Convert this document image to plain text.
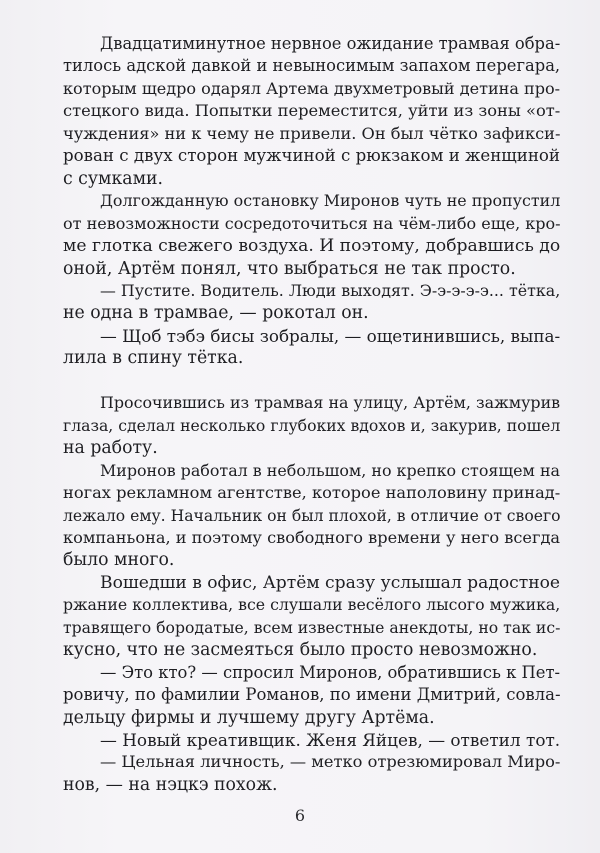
Двадцатиминутное нервное ожидание трамвая обра-
тилось адской давкой и невыносимым запахом перегара,
которым щедро одарял Артема двухметровый детина про-
стецкого вида. Попытки переместится, уйти из зоны «от-
чуждения» ни к чему не привели. Он был чётко зафикси-
рован с двух сторон мужчиной с рюкзаком и женщиной
с сумками.
Долгожданную остановку Миронов чуть не пропустил
от невозможности сосредоточиться на чём-либо еще, кро-
ме глотка свежего воздуха. И поэтому, добравшись до
оной, Артём понял, что выбраться не так просто.
— Пустите. Водитель. Люди выходят. Э-э-э-э-э... тётка,
не одна в трамвае, — рокотал он.
— Щоб тэбэ бисы зобралы, — ощетинившись, выпа-
лила в спину тётка.
Просочившись из трамвая на улицу, Артём, зажмурив
глаза, сделал несколько глубоких вдохов и, закурив, пошел
на работу.
Миронов работал в небольшом, но крепко стоящем на
ногах рекламном агентстве, которое наполовину принад-
лежало ему. Начальник он был плохой, в отличие от своего
компаньона, и поэтому свободного времени у него всегда
было много.
Вошедши в офис, Артём сразу услышал радостное
ржание коллектива, все слушали весёлого лысого мужика,
травящего бородатые, всем известные анекдоты, но так ис-
кусно, что не засмеяться было просто невозможно.
— Это кто? — спросил Миронов, обратившись к Пет-
ровичу, по фамилии Романов, по имени Дмитрий, совла-
дельцу фирмы и лучшему другу Артёма.
— Новый креативщик. Женя Яйцев, — ответил тот.
— Цельная личность, — метко отрезюмировал Миро-
нов, — на нэцкэ похож.
6
